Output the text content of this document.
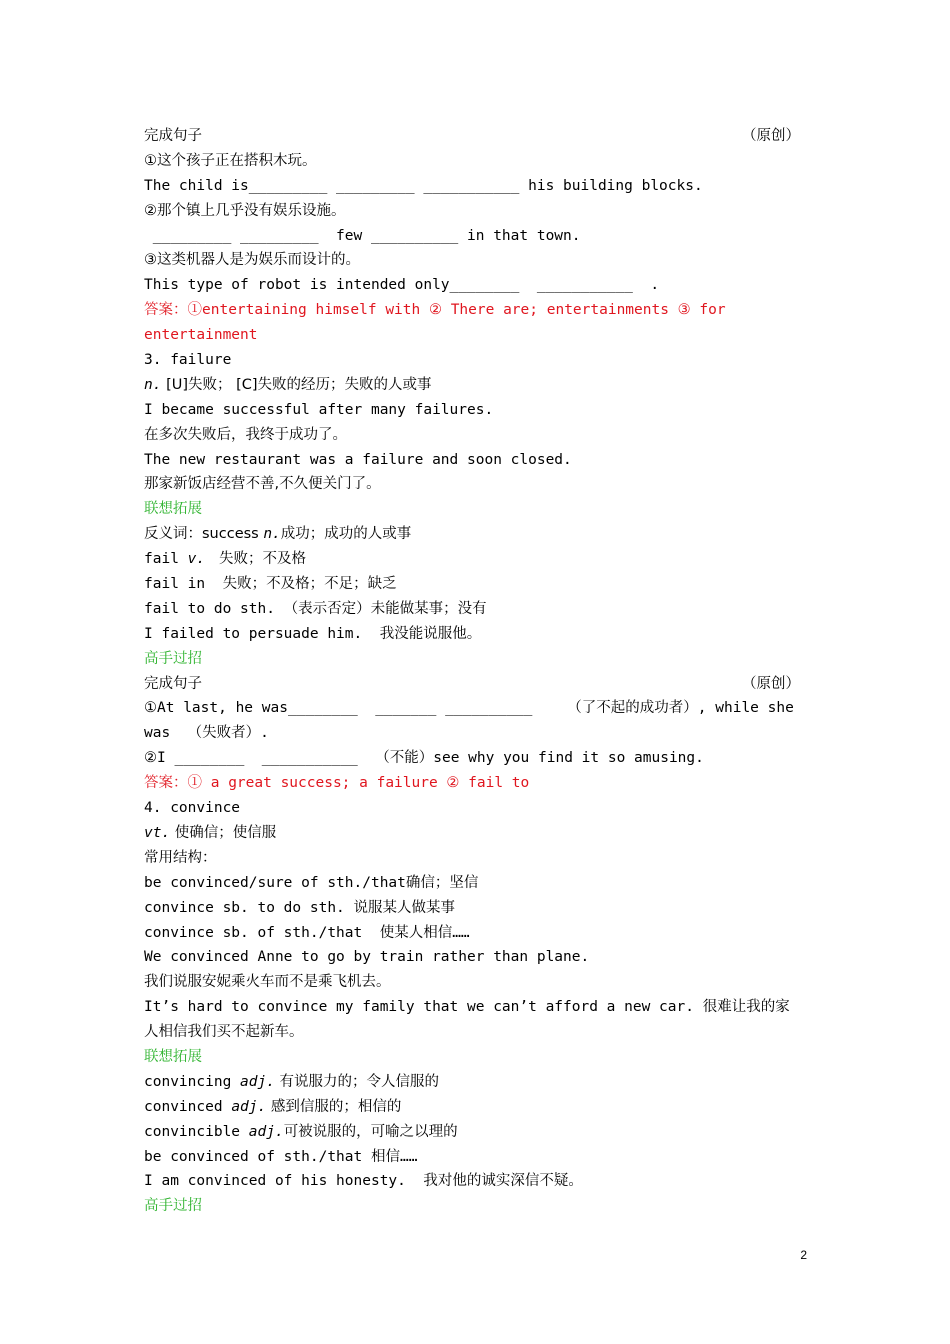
完成句子	（原创）
①这个孩子正在搭积木玩。
The child is_________ _________ ___________ his building blocks.
②那个镇上几乎没有娱乐设施。
_________ _________  few __________ in that town.
③这类机器人是为娱乐而设计的。
This type of robot is intended only________  ___________  .
答案：①entertaining himself with ② There are; entertainments ③ for
entertainment
3. failure
n. [U]失败； [C]失败的经历；失败的人或事
I became successful after many failures.
在多次失败后，我终于成功了。
The new restaurant was a failure and soon closed.
那家新饭店经营不善,不久便关门了。
联想拓展
反义词：success n.成功；成功的人或事
fail v.   失败；不及格
fail in  失败；不及格；不足；缺乏
fail to do sth. （表示否定）未能做某事；没有
I failed to persuade him.  我没能说服他。
高手过招
完成句子	（原创）
①At last, he was________  _______ __________    （了不起的成功者）, while she
was  （失败者）.
②I ________  ___________  （不能）see why you find it so amusing.
答案：① a great success; a failure ② fail to
4. convince
vt. 使确信；使信服
常用结构：
be convinced/sure of sth./that确信；坚信
convince sb. to do sth. 说服某人做某事
convince sb. of sth./that  使某人相信……
We convinced Anne to go by train rather than plane.
我们说服安妮乘火车而不是乘飞机去。
It’s hard to convince my family that we can’t afford a new car. 很难让我的家
人相信我们买不起新车。
联想拓展
convincing adj. 有说服力的；令人信服的
convinced adj. 感到信服的；相信的
convincible adj.可被说服的，可喻之以理的
be convinced of sth./that 相信……
I am convinced of his honesty.  我对他的诚实深信不疑。
高手过招
2
